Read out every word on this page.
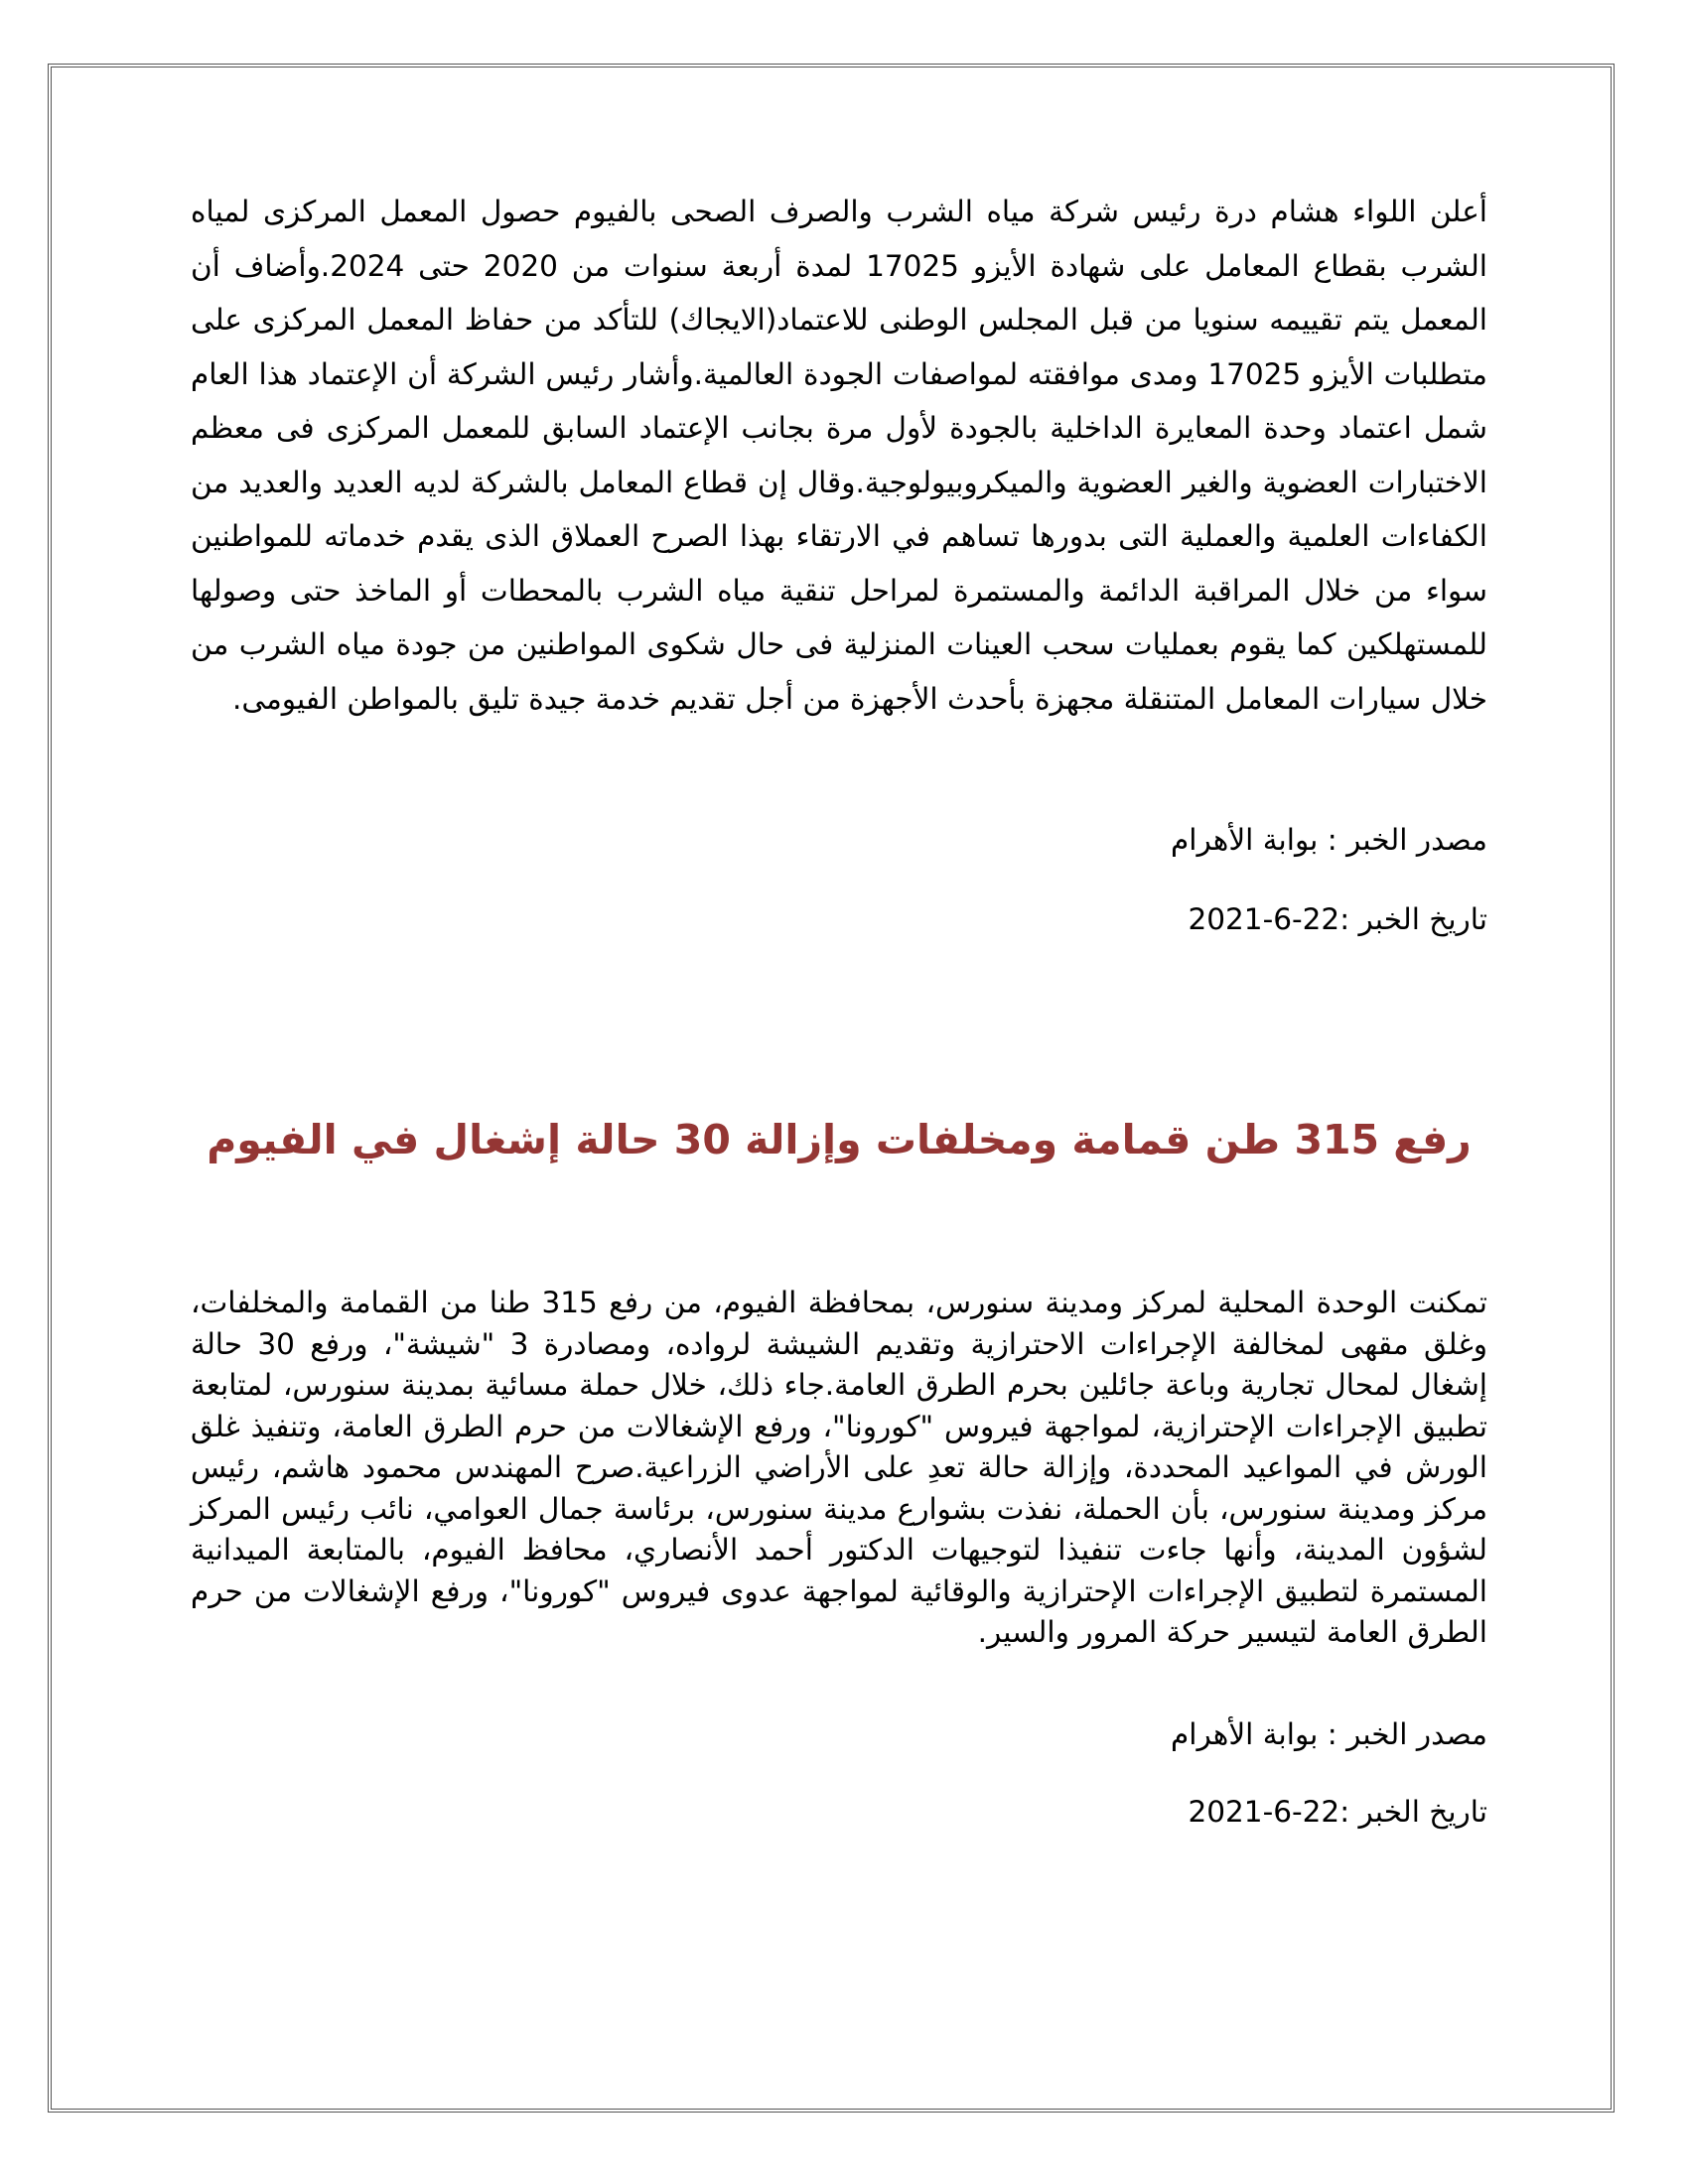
أعلن اللواء هشام درة رئيس شركة مياه الشرب والصرف الصحى بالفيوم حصول المعمل المركزى لمياه الشرب بقطاع المعامل على شهادة الأيزو 17025 لمدة أربعة سنوات من 2020 حتى 2024.وأضاف أن المعمل يتم تقييمه سنويا من قبل المجلس الوطنى للاعتماد(الايجاك) للتأكد من حفاظ المعمل المركزى على متطلبات الأيزو 17025 ومدى موافقته لمواصفات الجودة العالمية.وأشار رئيس الشركة أن الإعتماد هذا العام شمل اعتماد وحدة المعايرة الداخلية بالجودة لأول مرة بجانب الإعتماد السابق للمعمل المركزى فى معظم الاختبارات العضوية والغير العضوية والميكروبيولوجية.وقال إن قطاع المعامل بالشركة لديه العديد والعديد من الكفاءات العلمية والعملية التى بدورها تساهم في الارتقاء بهذا الصرح العملاق الذى يقدم خدماته للمواطنين سواء من خلال المراقبة الدائمة والمستمرة لمراحل تنقية مياه الشرب بالمحطات أو الماخذ حتى وصولها للمستهلكين كما يقوم بعمليات سحب العينات المنزلية فى حال شكوى المواطنين من جودة مياه الشرب من خلال سيارات المعامل المتنقلة مجهزة بأحدث الأجهزة من أجل تقديم خدمة جيدة تليق بالمواطن الفيومى.

مصدر الخبر : بوابة الأهرام

تاريخ الخبر :22-6-2021

رفع 315 طن قمامة ومخلفات وإزالة 30 حالة إشغال في الفيوم

تمكنت الوحدة المحلية لمركز ومدينة سنورس، بمحافظة الفيوم، من رفع 315 طنا من القمامة والمخلفات، وغلق مقهى لمخالفة الإجراءات الاحترازية وتقديم الشيشة لرواده، ومصادرة 3 "شيشة"، ورفع 30 حالة إشغال لمحال تجارية وباعة جائلين بحرم الطرق العامة.جاء ذلك، خلال حملة مسائية بمدينة سنورس، لمتابعة تطبيق الإجراءات الإحترازية، لمواجهة فيروس "كورونا"، ورفع الإشغالات من حرم الطرق العامة، وتنفيذ غلق الورش في المواعيد المحددة، وإزالة حالة تعدِ على الأراضي الزراعية.صرح المهندس محمود هاشم، رئيس مركز ومدينة سنورس، بأن الحملة، نفذت بشوارع مدينة سنورس، برئاسة جمال العوامي، نائب رئيس المركز لشؤون المدينة، وأنها جاءت تنفيذا لتوجيهات الدكتور أحمد الأنصاري، محافظ الفيوم، بالمتابعة الميدانية المستمرة لتطبيق الإجراءات الإحترازية والوقائية لمواجهة عدوى فيروس "كورونا"، ورفع الإشغالات من حرم الطرق العامة لتيسير حركة المرور والسير.

مصدر الخبر : بوابة الأهرام

تاريخ الخبر :22-6-2021
